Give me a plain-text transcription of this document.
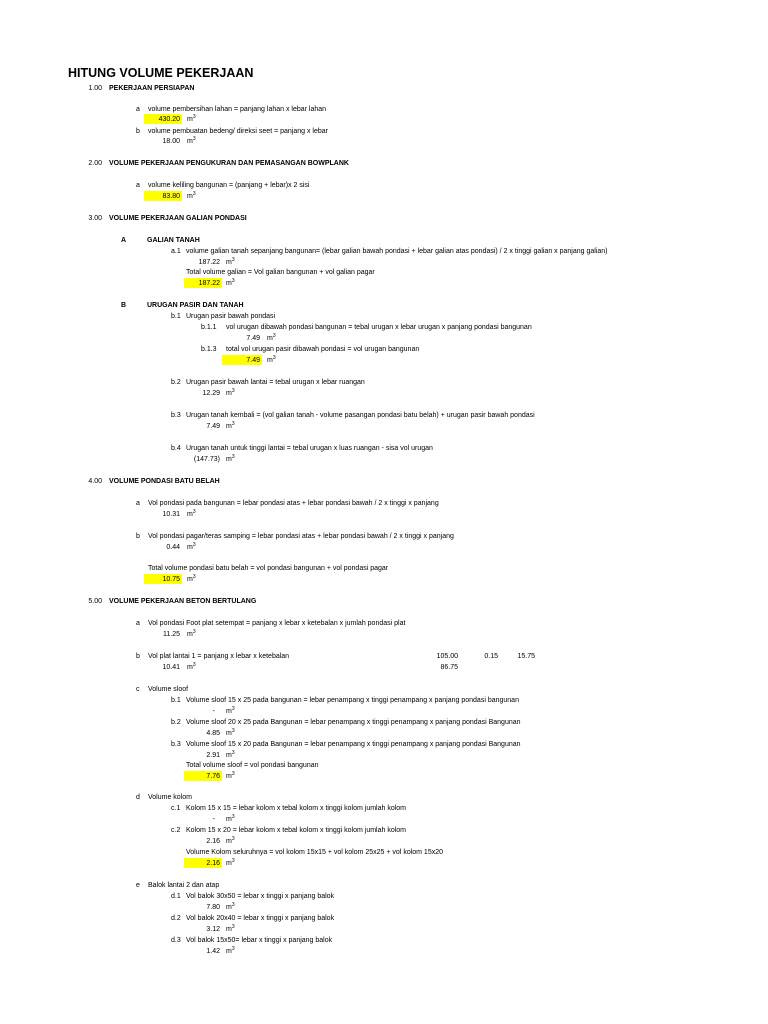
HITUNG VOLUME PEKERJAAN
1.00 PEKERJAAN PERSIAPAN
a volume pembersihan lahan = panjang lahan x lebar lahan
430.20 $m^3$
b volume pembuatan bedeng/ direksi seet = panjang x lebar
18.00 $m^3$
2.00 VOLUME PEKERJAAN PENGUKURAN DAN PEMASANGAN BOWPLANK
a volume keliling bangunan = (panjang + lebar)x 2 sisi
83.80 $m^3$
3.00 VOLUME PEKERJAAN GALIAN PONDASI
A	GALIAN TANAH
a.1 volume galian tanah sepanjang bangunan= (lebar galian bawah pondasi + lebar galian atas pondasi) / 2 x tinggi galian x panjang galian)
187.22 $m^3$
Total volume galian = Vol galian bangunan + vol galian pagar
187.22 $m^3$
B	URUGAN PASIR DAN TANAH
b.1 Urugan pasir bawah pondasi
b.1.1 vol urugan dibawah pondasi bangunan = tebal urugan x lebar urugan x panjang pondasi bangunan
7.49 $m^3$
b.1.3 total vol urugan pasir dibawah pondasi = vol urugan bangunan
7.49 $m^3$
b.2 Urugan pasir bawah lantai = tebal urugan x lebar ruangan
12.29 $m^3$
b.3 Urugan tanah kembali = (vol galian tanah - volume pasangan pondasi batu belah) + urugan pasir bawah pondasi
7.49 $m^3$
b.4 Urugan tanah untuk tinggi lantai = tebal urugan x luas ruangan - sisa vol urugan
(147.73) $m^3$
4.00 VOLUME PONDASI BATU BELAH
a Vol pondasi pada bangunan = lebar pondasi atas + lebar pondasi bawah / 2 x tinggi x panjang
10.31 $m^3$
b Vol pondasi pagar/teras samping = lebar pondasi atas + lebar pondasi bawah / 2 x tinggi x panjang
0.44 $m^3$
Total volume pondasi batu belah = vol pondasi bangunan + vol pondasi pagar
10.75 $m^3$
5.00 VOLUME PEKERJAAN BETON BERTULANG
a Vol pondasi Foot plat setempat = panjang x lebar x ketebalan x jumlah pondasi plat
11.25 $m^3$
b Vol plat lantai 1 = panjang x lebar x ketebalan	105.00	0.15	15.75
10.41 $m^3$	86.75
c Volume sloof
b.1 Volume sloof 15 x 25 pada bangunan = lebar penampang x tinggi penampang x panjang pondasi bangunan
- $m^3$
b.2 Volume sloof 20 x 25 pada Bangunan = lebar penampang x tinggi penampang x panjang pondasi Bangunan
4.85 $m^3$
b.3 Volume sloof 15 x 20 pada Bangunan = lebar penampang x tinggi penampang x panjang pondasi Bangunan
2.91 $m^3$
Total volume sloof = vol pondasi bangunan
7.76 $m^3$
d Volume kolom
c.1 Kolom 15 x 15 = lebar kolom x tebal kolom x tinggi kolom jumlah kolom
- $m^3$
c.2 Kolom 15 x 20 = lebar kolom x tebal kolom x tinggi kolom jumlah kolom
2.16 $m^3$
Volume Kolom seluruhnya = vol kolom 15x15 + vol kolom 25x25 + vol kolom 15x20
2.16 $m^3$
e Balok lantai 2 dan atap
d.1 Vol balok 30x50 = lebar x tinggi x panjang balok
7.80 $m^3$
d.2 Vol balok 20x40 = lebar x tinggi x panjang balok
3.12 $m^3$
d.3 Vol balok 15x50= lebar x tinggi x panjang balok
1.42 $m^3$
